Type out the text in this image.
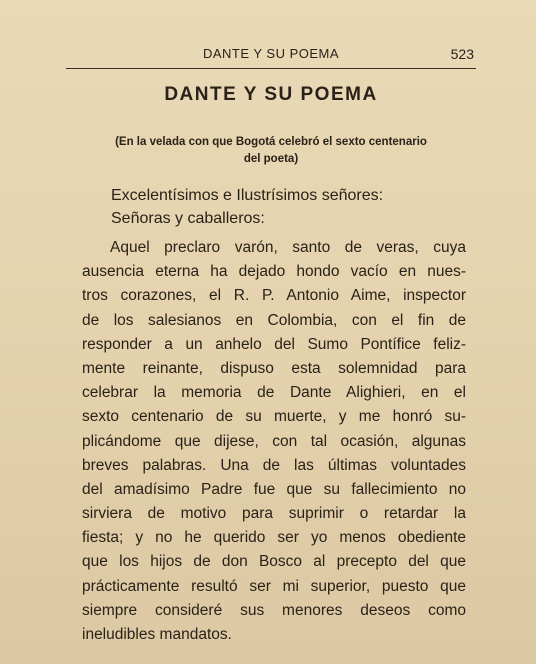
DANTE Y SU POEMA	523
DANTE Y SU POEMA
(En la velada con que Bogotá celebró el sexto centenario
del poeta)
Excelentísimos e Ilustrísimos señores:
Señoras y caballeros:
Aquel preclaro varón, santo de veras, cuya
ausencia eterna ha dejado hondo vacío en nues-
tros corazones, el R. P. Antonio Aime, inspector
de los salesianos en Colombia, con el fin de
responder a un anhelo del Sumo Pontífice feliz-
mente reinante, dispuso esta solemnidad para
celebrar la memoria de Dante Alighieri, en el
sexto centenario de su muerte, y me honró su-
plicándome que dijese, con tal ocasión, algunas
breves palabras. Una de las últimas voluntades
del amadísimo Padre fue que su fallecimiento no
sirviera de motivo para suprimir o retardar la
fiesta; y no he querido ser yo menos obediente
que los hijos de don Bosco al precepto del que
prácticamente resultó ser mi superior, puesto que
siempre consideré sus menores deseos como
ineludibles mandatos.
